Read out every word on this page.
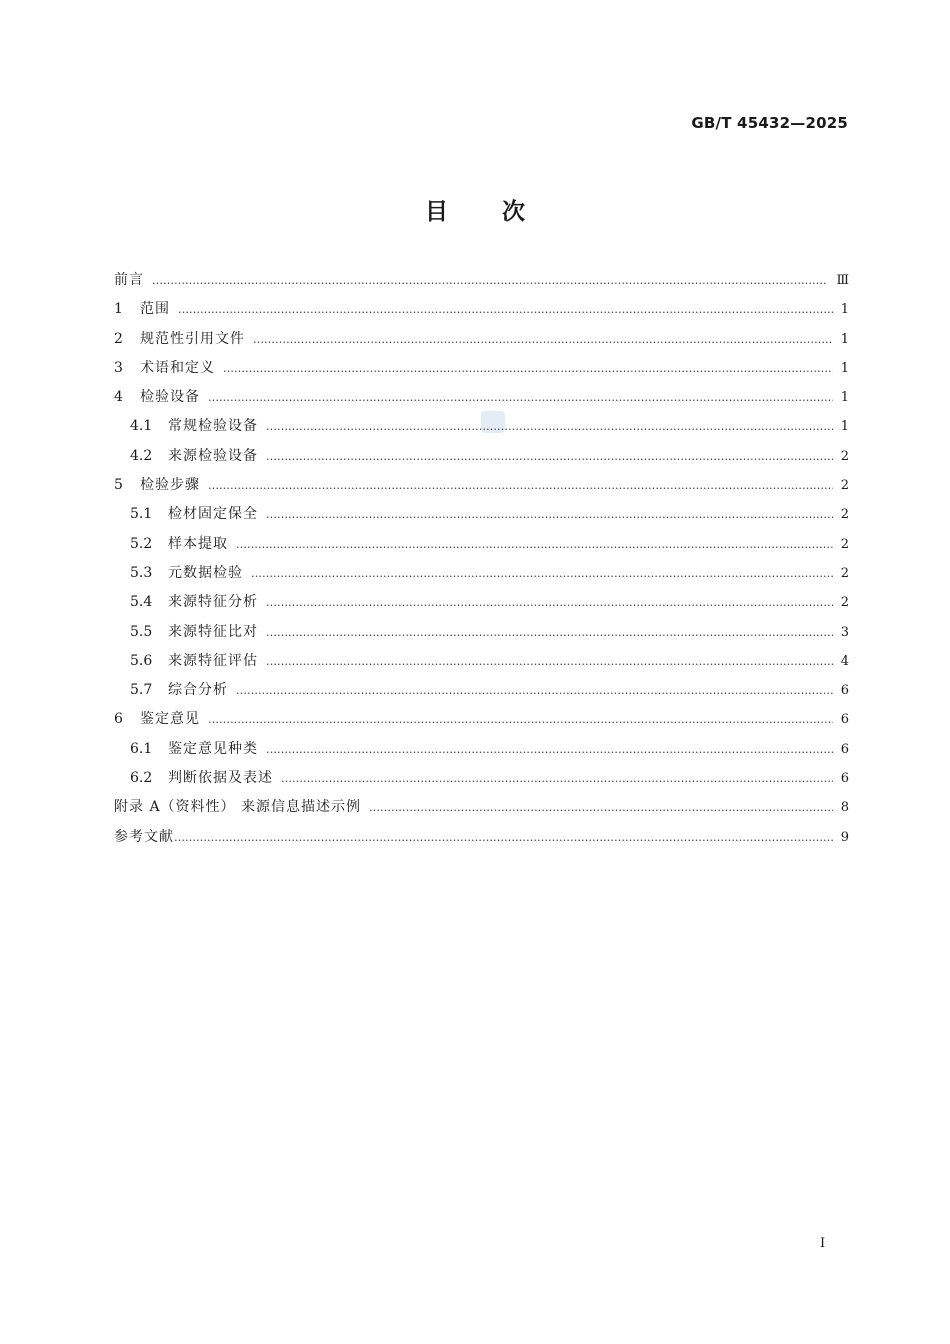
GB/T 45432—2025
目次
前言 ……………………………………………………………………………………………………………………………………………………………………………………………………………………………………………………………………	Ⅲ
1	范围 ……………………………………………………………………………………………………………………………………………………………………………………………………………………………………………………………………	1
2	规范性引用文件 ……………………………………………………………………………………………………………………………………………………………………………………………………………………………………………………………………	1
3	术语和定义 ……………………………………………………………………………………………………………………………………………………………………………………………………………………………………………………………………	1
4	检验设备 ……………………………………………………………………………………………………………………………………………………………………………………………………………………………………………………………………	1
4.1	常规检验设备 ……………………………………………………………………………………………………………………………………………………………………………………………………………………………………………………………………	1
4.2	来源检验设备 ……………………………………………………………………………………………………………………………………………………………………………………………………………………………………………………………………	2
5	检验步骤 ……………………………………………………………………………………………………………………………………………………………………………………………………………………………………………………………………	2
5.1	检材固定保全 ……………………………………………………………………………………………………………………………………………………………………………………………………………………………………………………………………	2
5.2	样本提取 ……………………………………………………………………………………………………………………………………………………………………………………………………………………………………………………………………	2
5.3	元数据检验 ……………………………………………………………………………………………………………………………………………………………………………………………………………………………………………………………………	2
5.4	来源特征分析 ……………………………………………………………………………………………………………………………………………………………………………………………………………………………………………………………………	2
5.5	来源特征比对 ……………………………………………………………………………………………………………………………………………………………………………………………………………………………………………………………………	3
5.6	来源特征评估 ……………………………………………………………………………………………………………………………………………………………………………………………………………………………………………………………………	4
5.7	综合分析 ……………………………………………………………………………………………………………………………………………………………………………………………………………………………………………………………………	6
6	鉴定意见 ……………………………………………………………………………………………………………………………………………………………………………………………………………………………………………………………………	6
6.1	鉴定意见种类 ……………………………………………………………………………………………………………………………………………………………………………………………………………………………………………………………………	6
6.2	判断依据及表述 ……………………………………………………………………………………………………………………………………………………………………………………………………………………………………………………………………	6
附录 A（资料性） 来源信息描述示例 ……………………………………………………………………………………………………………………………………………………………………………………………………………………………………………………………………	8
参考文献 ……………………………………………………………………………………………………………………………………………………………………………………………………………………………………………………………………	9
I
